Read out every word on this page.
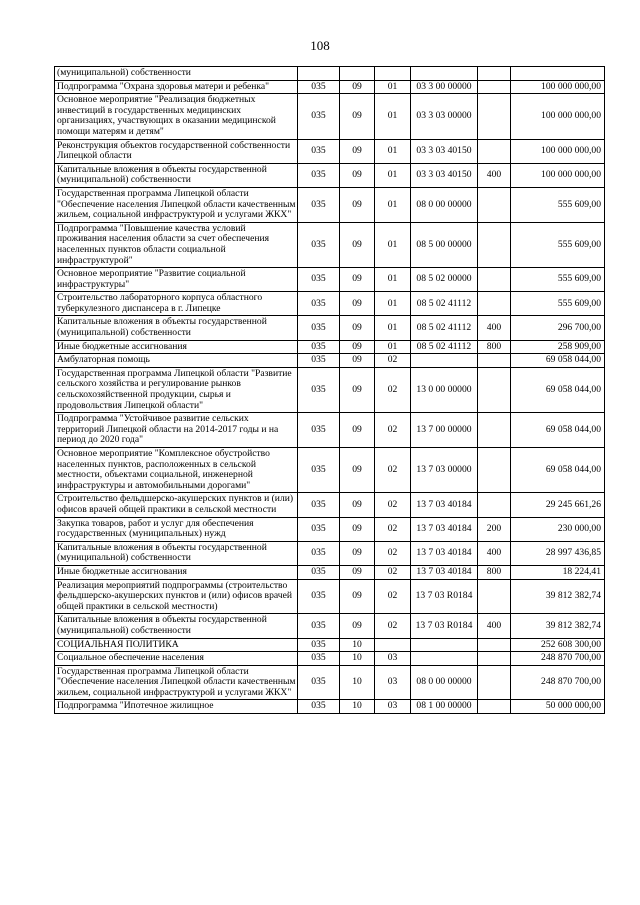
108
(муниципальной) собственности						
Подпрограмма "Охрана здоровья матери и ребенка"	035	09	01	03 3 00 00000		100 000 000,00
Основное мероприятие "Реализация бюджетных инвестиций в государственных медицинских организациях, участвующих в оказании медицинской помощи матерям и детям"	035	09	01	03 3 03 00000		100 000 000,00
Реконструкция объектов государственной собственности Липецкой области	035	09	01	03 3 03 40150		100 000 000,00
Капитальные вложения в объекты государственной (муниципальной) собственности	035	09	01	03 3 03 40150	400	100 000 000,00
Государственная программа Липецкой области "Обеспечение населения Липецкой области качественным жильем, социальной инфраструктурой и услугами ЖКХ"	035	09	01	08 0 00 00000		555 609,00
Подпрограмма "Повышение качества условий проживания населения области за счет обеспечения населенных пунктов области социальной инфраструктурой"	035	09	01	08 5 00 00000		555 609,00
Основное мероприятие "Развитие социальной инфраструктуры"	035	09	01	08 5 02 00000		555 609,00
Строительство лабораторного корпуса областного туберкулезного диспансера в г. Липецке	035	09	01	08 5 02 41112		555 609,00
Капитальные вложения в объекты государственной (муниципальной) собственности	035	09	01	08 5 02 41112	400	296 700,00
Иные бюджетные ассигнования	035	09	01	08 5 02 41112	800	258 909,00
Амбулаторная помощь	035	09	02			69 058 044,00
Государственная программа Липецкой области "Развитие сельского хозяйства и регулирование рынков сельскохозяйственной продукции, сырья и продовольствия Липецкой области"	035	09	02	13 0 00 00000		69 058 044,00
Подпрограмма "Устойчивое развитие сельских территорий Липецкой области на 2014-2017 годы и на период до 2020 года"	035	09	02	13 7 00 00000		69 058 044,00
Основное мероприятие "Комплексное обустройство населенных пунктов, расположенных в сельской местности, объектами социальной, инженерной инфраструктуры и автомобильными дорогами"	035	09	02	13 7 03 00000		69 058 044,00
Строительство фельдшерско-акушерских пунктов и (или) офисов врачей общей практики в сельской местности	035	09	02	13 7 03 40184		29 245 661,26
Закупка товаров, работ и услуг для обеспечения государственных (муниципальных) нужд	035	09	02	13 7 03 40184	200	230 000,00
Капитальные вложения в объекты государственной (муниципальной) собственности	035	09	02	13 7 03 40184	400	28 997 436,85
Иные бюджетные ассигнования	035	09	02	13 7 03 40184	800	18 224,41
Реализация мероприятий подпрограммы (строительство фельдшерско-акушерских пунктов и (или) офисов врачей общей практики в сельской местности)	035	09	02	13 7 03 R0184		39 812 382,74
Капитальные вложения в объекты государственной (муниципальной) собственности	035	09	02	13 7 03 R0184	400	39 812 382,74
СОЦИАЛЬНАЯ ПОЛИТИКА	035	10				252 608 300,00
Социальное обеспечение населения	035	10	03			248 870 700,00
Государственная программа Липецкой области "Обеспечение населения Липецкой области качественным жильем, социальной инфраструктурой и услугами ЖКХ"	035	10	03	08 0 00 00000		248 870 700,00
Подпрограмма "Ипотечное жилищное	035	10	03	08 1 00 00000		50 000 000,00
